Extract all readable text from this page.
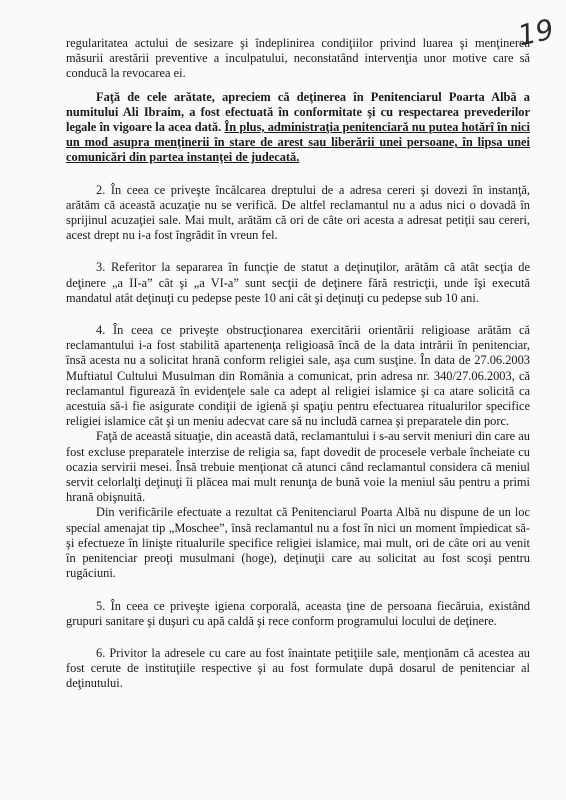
19

regularitatea actului de sesizare şi îndeplinirea condiţiilor privind luarea şi menţinerea măsurii arestării preventive a inculpatului, neconstatând intervenţia unor motive care să conducă la revocarea ei.

Faţă de cele arătate, apreciem că deţinerea în Penitenciarul Poarta Albă a numitului Ali Ibraim, a fost efectuată în conformitate şi cu respectarea prevederilor legale în vigoare la acea dată. În plus, administraţia penitenciară nu putea hotărî în nici un mod asupra menţinerii în stare de arest sau liberării unei persoane, în lipsa unei comunicări din partea instanţei de judecată.

2. În ceea ce priveşte încălcarea dreptului de a adresa cereri şi dovezi în instanţă, arătăm că această acuzaţie nu se verifică. De altfel reclamantul nu a adus nici o dovadă în sprijinul acuzaţiei sale. Mai mult, arătăm că ori de câte ori acesta a adresat petiţii sau cereri, acest drept nu i-a fost îngrădit în vreun fel.

3. Referitor la separarea în funcţie de statut a deţinuţilor, arătăm că atât secţia de deţinere „a II-a” cât şi „a VI-a” sunt secţii de deţinere fără restricţii, unde îşi execută mandatul atât deţinuţi cu pedepse peste 10 ani cât şi deţinuţi cu pedepse sub 10 ani.

4. În ceea ce priveşte obstrucţionarea exercitării orientării religioase arătăm că reclamantului i-a fost stabilită apartenenţa religioasă încă de la data intrării în penitenciar, însă acesta nu a solicitat hrană conform religiei sale, aşa cum susţine. În data de 27.06.2003 Muftiatul Cultului Musulman din România a comunicat, prin adresa nr. 340/27.06.2003, că reclamantul figurează în evidenţele sale ca adept al religiei islamice şi ca atare solicită ca acestuia să-i fie asigurate condiţii de igienă şi spaţiu pentru efectuarea ritualurilor specifice religiei islamice cât şi un meniu adecvat care să nu includă carnea şi preparatele din porc.

Faţă de această situaţie, din această dată, reclamantului i s-au servit meniuri din care au fost excluse preparatele interzise de religia sa, fapt dovedit de procesele verbale încheiate cu ocazia servirii mesei. Însă trebuie menţionat că atunci când reclamantul considera că meniul servit celorlalţi deţinuţi îi plăcea mai mult renunţa de bună voie la meniul său pentru a primi hrană obişnuită.

Din verificările efectuate a rezultat că Penitenciarul Poarta Albă nu dispune de un loc special amenajat tip „Moschee”, însă reclamantul nu a fost în nici un moment împiedicat să-şi efectueze în linişte ritualurile specifice religiei islamice, mai mult, ori de câte ori au venit în penitenciar preoţi musulmani (hoge), deţinuţii care au solicitat au fost scoşi pentru rugăciuni.

5. În ceea ce priveşte igiena corporală, aceasta ţine de persoana fiecăruia, existând grupuri sanitare şi duşuri cu apă caldă şi rece conform programului locului de deţinere.

6. Privitor la adresele cu care au fost înaintate petiţiile sale, menţionăm că acestea au fost cerute de instituţiile respective şi au fost formulate după dosarul de penitenciar al deţinutului.
